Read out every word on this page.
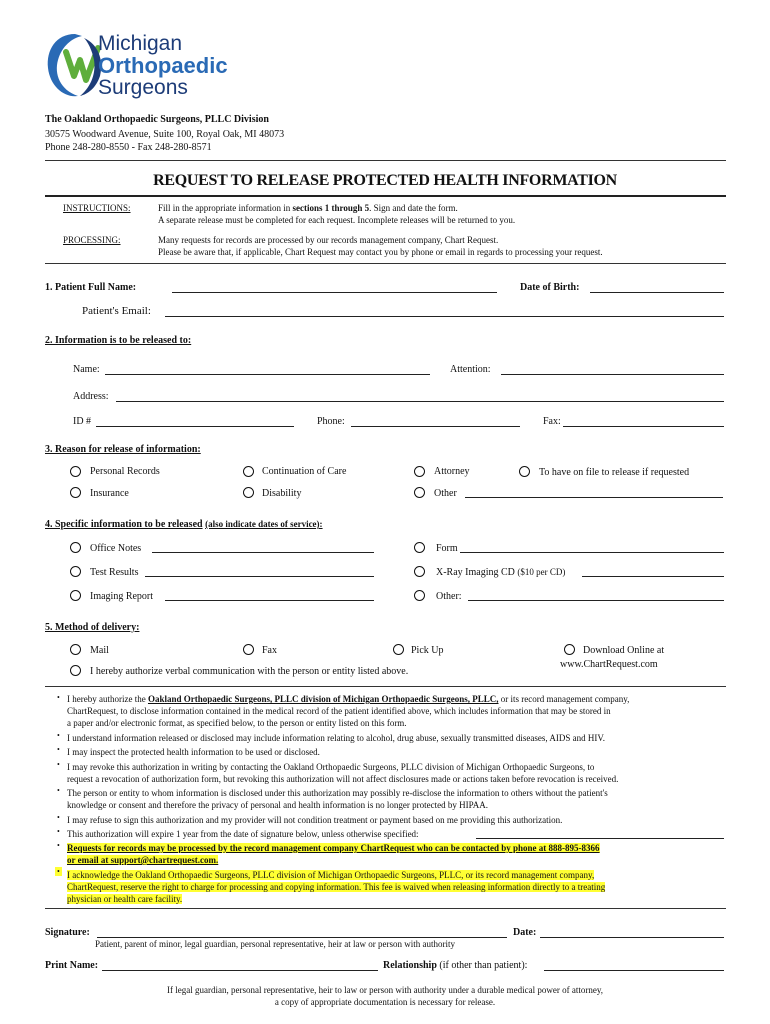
Michigan
Orthopaedic
Surgeons
The Oakland Orthopaedic Surgeons, PLLC Division
30575 Woodward Avenue, Suite 100, Royal Oak, MI 48073
Phone 248-280-8550 - Fax 248-280-8571
REQUEST TO RELEASE PROTECTED HEALTH INFORMATION
INSTRUCTIONS:	Fill in the appropriate information in sections 1 through 5. Sign and date the form.
A separate release must be completed for each request. Incomplete releases will be returned to you.
PROCESSING:	Many requests for records are processed by our records management company, Chart Request.
Please be aware that, if applicable, Chart Request may contact you by phone or email in regards to processing your request.
1. Patient Full Name:	Date of Birth:
Patient's Email:
2. Information is to be released to:
Name:	Attention:
Address:
ID #	Phone:	Fax:
3. Reason for release of information:
Personal Records	Continuation of Care	Attorney	To have on file to release if requested
Insurance	Disability	Other
4. Specific information to be released (also indicate dates of service):
Office Notes	Form
Test Results	X-Ray Imaging CD ($10 per CD)
Imaging Report	Other:
5. Method of delivery:
Mail	Fax	Pick Up	Download Online at
www.ChartRequest.com
I hereby authorize verbal communication with the person or entity listed above.
• I hereby authorize the Oakland Orthopaedic Surgeons, PLLC division of Michigan Orthopaedic Surgeons, PLLC, or its record management company,
ChartRequest, to disclose information contained in the medical record of the patient identified above, which includes information that may be stored in
a paper and/or electronic format, as specified below, to the person or entity listed on this form.
• I understand information released or disclosed may include information relating to alcohol, drug abuse, sexually transmitted diseases, AIDS and HIV.
• I may inspect the protected health information to be used or disclosed.
• I may revoke this authorization in writing by contacting the Oakland Orthopaedic Surgeons, PLLC division of Michigan Orthopaedic Surgeons, to
request a revocation of authorization form, but revoking this authorization will not affect disclosures made or actions taken before revocation is received.
• The person or entity to whom information is disclosed under this authorization may possibly re-disclose the information to others without the patient's
knowledge or consent and therefore the privacy of personal and health information is no longer protected by HIPAA.
• I may refuse to sign this authorization and my provider will not condition treatment or payment based on me providing this authorization.
• This authorization will expire 1 year from the date of signature below, unless otherwise specified:
• Requests for records may be processed by the record management company ChartRequest who can be contacted by phone at 888-895-8366
or email at support@chartrequest.com.
• I acknowledge the Oakland Orthopaedic Surgeons, PLLC division of Michigan Orthopaedic Surgeons, PLLC, or its record management company,
ChartRequest, reserve the right to charge for processing and copying information. This fee is waived when releasing information directly to a treating
physician or health care facility.
Signature:	Date:
Patient, parent of minor, legal guardian, personal representative, heir at law or person with authority
Print Name:	Relationship (if other than patient):
If legal guardian, personal representative, heir to law or person with authority under a durable medical power of attorney,
a copy of appropriate documentation is necessary for release.
